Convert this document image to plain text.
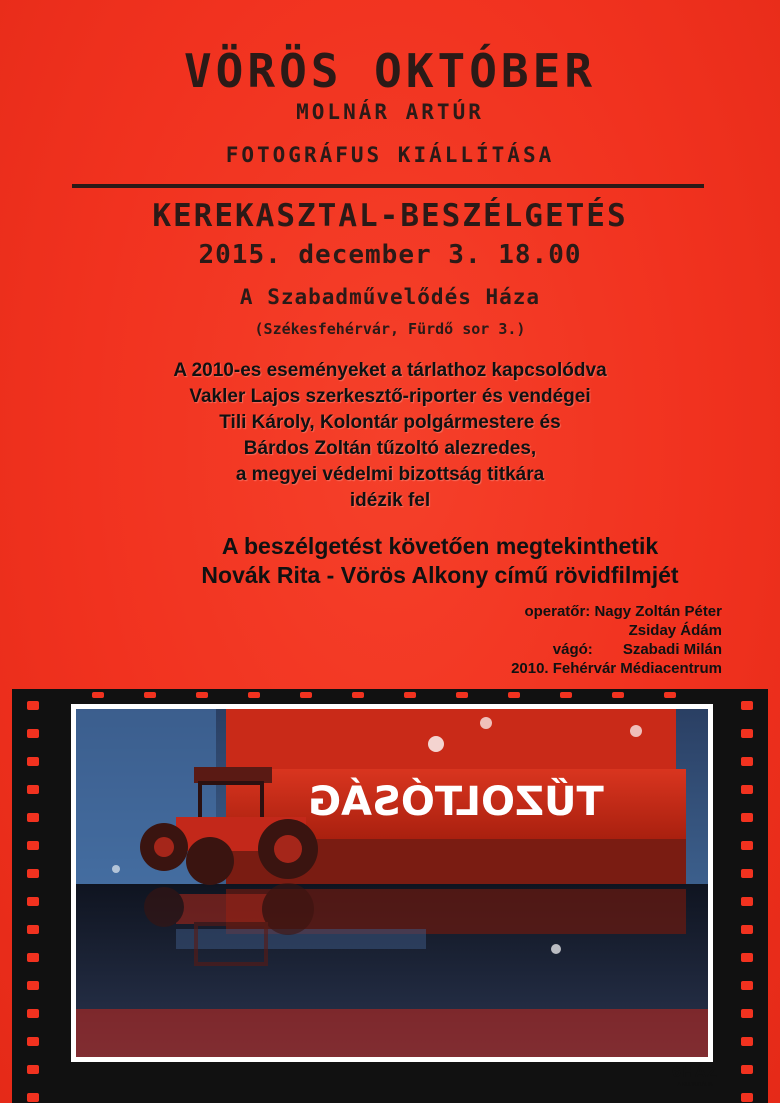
VÖRÖS OKTÓBER
MOLNÁR ARTÚR
FOTOGRÁFUS KIÁLLÍTÁSA
KEREKASZTAL-BESZÉLGETÉS
2015. december 3. 18.00
A Szabadművelődés Háza
(Székesfehérvár, Fürdő sor 3.)
A 2010-es eseményeket a tárlathoz kapcsolódva
Vakler Lajos szerkesztő-riporter és vendégei
Tili Károly, Kolontár polgármestere és
Bárdos Zoltán tűzoltó alezredes,
a megyei védelmi bizottság titkára
idézik fel
A beszélgetést követően megtekinthetik
Novák Rita - Vörös Alkony című rövidfilmjét
operatőr: Nagy Zoltán Péter
Zsiday Ádám
vágó: Szabadi Milán
2010. Fehérvár Médiacentrum
TŰZOLTÓSÁG
6HÁZ
A KULTURÁLIS
